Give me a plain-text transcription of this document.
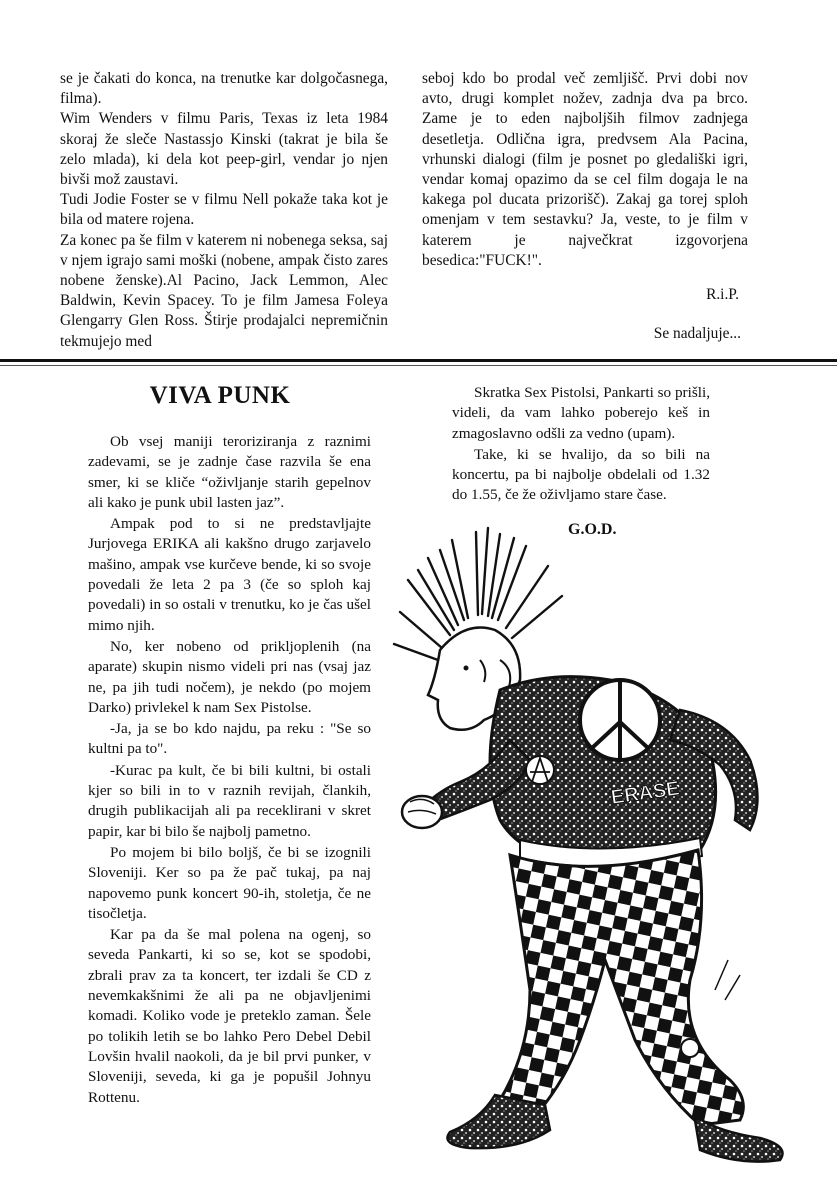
se je čakati do konca, na trenutke kar dolgočasnega, filma).

Wim Wenders v filmu Paris, Texas iz leta 1984 skoraj že sleče Nastassjo Kinski (takrat je bila še zelo mlada), ki dela kot peep-girl, vendar jo njen bivši mož zaustavi.

Tudi Jodie Foster se v filmu Nell pokaže taka kot je bila od matere rojena.

Za konec pa še film v katerem ni nobenega seksa, saj v njem igrajo sami moški (nobene, ampak čisto zares nobene ženske).Al Pacino, Jack Lemmon, Alec Baldwin, Kevin Spacey. To je film Jamesa Foleya Glengarry Glen Ross. Štirje prodajalci nepremičnin tekmujejo med

seboj kdo bo prodal več zemljišč. Prvi dobi nov avto, drugi komplet nožev, zadnja dva pa brco. Zame je to eden najboljših filmov zadnjega desetletja. Odlična igra, predvsem Ala Pacina, vrhunski dialogi (film je posnet po gledališki igri, vendar komaj opazimo da se cel film dogaja le na kakega pol ducata prizorišč). Zakaj ga torej sploh omenjam v tem sestavku? Ja, veste, to je film v katerem je največkrat izgovorjena besedica:"FUCK!".

R.i.P.
Se nadaljuje...
VIVA PUNK

Ob vsej maniji teroriziranja z raznimi zadevami, se je zadnje čase razvila še ena smer, ki se kliče “oživljanje starih gepelnov ali kako je punk ubil lasten jaz”.

Ampak pod to si ne predstavljajte Jurjovega ERIKA ali kakšno drugo zarjavelo mašino, ampak vse kurčeve bende, ki so svoje povedali že leta 2 pa 3 (če so sploh kaj povedali) in so ostali v trenutku, ko je čas ušel mimo njih.

No, ker nobeno od prikljoplenih (na aparate) skupin nismo videli pri nas (vsaj jaz ne, pa jih tudi nočem), je nekdo (po mojem Darko) privlekel k nam Sex Pistolse.

-Ja, ja se bo kdo najdu, pa reku : "Se so kultni pa to".

-Kurac pa kult, če bi bili kultni, bi ostali kjer so bili in to v raznih revijah, člankih, drugih publikacijah ali pa receklirani v skret papir, kar bi bilo še najbolj pametno.

Po mojem bi bilo boljš, če bi se izognili Sloveniji. Ker so pa že pač tukaj, pa naj napovemo punk koncert 90-ih, stoletja, če ne tisočletja.

Kar pa da še mal polena na ogenj, so seveda Pankarti, ki so se, kot se spodobi, zbrali prav za ta koncert, ter izdali še CD z nevemkakšnimi že ali pa ne objavljenimi komadi. Koliko vode je preteklo zaman. Šele po tolikih letih se bo lahko Pero Debel Debil Lovšin hvalil naokoli, da je bil prvi punker, v Sloveniji, seveda, ki ga je popušil Johnyu Rottenu.

Skratka Sex Pistolsi, Pankarti so prišli, videli, da vam lahko poberejo keš in zmagoslavno odšli za vedno (upam).

Take, ki se hvalijo, da so bili na koncertu, pa bi najbolje obdelali od 1.32 do 1.55, če že oživljamo stare čase.

G.O.D.
ERASE
